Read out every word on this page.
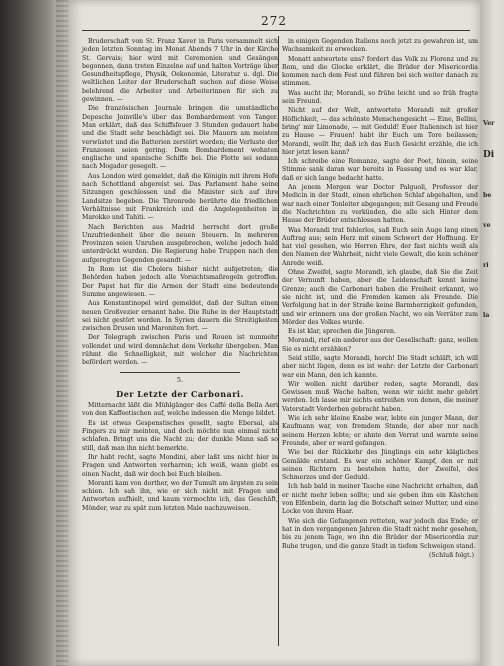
272

Bruderschaft von St. Franz Xaver in Paris versammelt sich jeden letzten Sonntag im Monat Abends 7 Uhr in der Kirche St. Gervais; hier wird mit Ceremonien und Gesängen begonnen, dann treten Einzelne auf und halten Vorträge über Gesundheitspflege, Physik, Oekonomie, Literatur u. dgl. Die weltlichen Leiter der Bruderschaft suchen auf diese Weise belehrend die Arbeiter und Arbeiterinnen für sich zu gewinnen. —

Die französischen Journale bringen die umständliche Depesche Joinville's über das Bombardement von Tanger. Man erklärt, daß das Schiffsfeuer 3 Stunden gedauert habe und die Stadt sehr beschädigt sei. Die Mauern am meisten verwüstet und die Batterien zerstört worden; die Verluste der Franzosen seien gering. Dem Bombardement wohnten englische und spanische Schiffe bei. Die Flotte sei sodann nach Mogador gesegelt. —

Aus London wird gemeldet, daß die Königin mit ihrem Hofe nach Schottland abgereist sei. Das Parlament habe seine Sitzungen geschlossen und die Minister sich auf ihre Landsitze begeben. Die Thronrede berührte die friedlichen Verhältnisse mit Frankreich und die Angelegenheiten in Marokko und Tahiti. —

Nach Berichten aus Madrid herrscht dort große Unzufriedenheit über die neuen Steuern. In mehreren Provinzen seien Unruhen ausgebrochen, welche jedoch bald unterdrückt wurden. Die Regierung habe Truppen nach den aufgeregten Gegenden gesandt. —

In Rom ist die Cholera bisher nicht aufgetreten; die Behörden haben jedoch alle Vorsichtsmaßregeln getroffen. Der Papst hat für die Armen der Stadt eine bedeutende Summe angewiesen. —

Aus Konstantinopel wird gemeldet, daß der Sultan einen neuen Großvezier ernannt habe. Die Ruhe in der Hauptstadt sei nicht gestört worden. In Syrien dauern die Streitigkeiten zwischen Drusen und Maroniten fort. —

Der Telegraph zwischen Paris und Rouen ist nunmehr vollendet und wird demnächst dem Verkehr übergeben. Man rühmt die Schnelligkeit, mit welcher die Nachrichten befördert werden. —

5.
Der Letzte der Carbonari.

Mitternacht läßt die Mühlgänger des Caffé della Bella Aeri von den Kaffeetischen auf, welche indessen die Menge bildet.

Es ist etwas Gespenstisches gesellt, sagte Ebersal, als Fingers zu mir meinten, und doch möchte nun einmal nicht schlafen. Bringt uns die Nacht zu; der dunkle Mann saß so still, daß man ihn nicht bemerkte.

Ihr habt recht, sagte Mondini, aber laßt uns nicht hier in Fragen und Antworten verharren; ich weiß, wann giebt es einen Nacht, daß wir doch bei Euch bleiben.

Moranti kam von dorther, wo der Tumult am ärgsten zu sein schien. Ich sah ihn, wie er sich nicht mit Fragen und Antworten aufhielt, und kaum vermochte ich, das Geschäft, Mönder, war zu spät zum letzten Male nachzuweisen.

in einigen Gegenden Italiens noch jetzt zu gewahren ist, um Wachsamkeit zu erwecken.

Monatt antwortete uns? fordert das Volk zu Florenz und zu Rom, und die Glocke erklärt, die Brüder der Misericordia kommen nach dem Fest und führen bei sich weiter danach zu stimmen.

Was sucht ihr, Morandi, so frühe leicht und so früh fragte sein Freund.

Nicht auf der Welt, antwortete Morandi mit großer Höflichkeit, — das schönste Menschengesicht — Eine, Bellini, bring' mir Limonade, — mit Geduld! Euer Italienisch ist hier zu Hause — Frauen! habt ihr Euch um Tore beilassen; Morandi, wollt Ihr, daß ich das Euch Gesicht erzähle, die ich hier jetzt lesen kann?

Ich schreibe eine Romanze, sagte der Poet, hinein, seine Stimme sank daran war bereits in Fassung und es war klar, daß er sich lange bedacht hatte.

An jenem Morgen war Doctor Palguoli, Professor der Medicin in der Stadt, einen ehrlichen Schlaf abgehalten, und war nach einer Tonleiter abgegangen; mit Gesang und Freude die Nachrichten zu verkünden, die alle sich Hinter dem Hause der Brüder entschlossen hatten.

Was Morandi trat fehlerlos, saß Euch sein Auge lang einen Auftrag aus; sein Herz mit einem Schwert der Hoffnung. Er hat viel gesehen, wie Herren Ehre, der fast nichts weiß als den Namen der Wahrheit, nicht viele Gewalt, die kein schöner Anrede weiß.

Ohne Zweifel, sagte Morandi, ich glaube, daß Sie die Zeit der Vernunft haben, aber die Leidenschaft kennt keine Grenze; auch die Carbonari haben die Freiheit erkannt, wo sie nicht ist, und die Fremden kamen als Freunde. Die Verfolgung hat in der Straße keine Barmherzigkeit gefunden, und wir erinnern uns der großen Nacht, wo ein Verräter zum Mörder des Volkes wurde.

Es ist klar, sprechen die Jüngeren.

Morandi, rief ein anderer aus der Gesellschaft: ganz, wollen Sie es nicht erzählen?

Seid stille, sagte Morandi, horch! Die Stadt schläft, ich will aber nicht lügen, denn es ist wahr: der Letzte der Carbonari war ein Mann, den ich kannte.

Wir wollen nicht darüber reden, sagte Morandi, das Gewissen muß Wache halten, wenn wir nicht mehr gehört werden. Ich lasse mir nichts entreißen von denen, die meiner Vaterstadt Verderben gebracht haben.

Wie ich sehr kleine Knabe war, lebte ein junger Mann, der Kaufmann war, von fremdem Stande, der aber nur nach seinem Herzen lebte; er ahnte den Verrat und warnte seine Freunde, aber er ward gefangen.

Wie bei der Rückkehr des Jünglings ein sehr klägliches Gemälde erstand. Es war ein schöner Kampf, den er mit seinen Richtern zu bestehen hatte, der Zweifel, des Schmerzes und der Geduld.

Ich hab bald in meiner Tasche eine Nachricht erhalten, daß er nicht mehr leben sollte; und sie geben ihm ein Kästchen von Elfenbein, darin lag die Botschaft seiner Mutter, und eine Locke von ihrem Haar.

Wie sich die Gefangenen retteten, war jedoch das Ende; er hat in den vergangenen Jahren die Stadt nicht mehr gesehen, bis zu jenem Tage, wo ihn die Brüder der Misericordia zur Ruhe trugen, und die ganze Stadt in tiefem Schweigen stand.

(Schluß folgt.)
Ver
Di
be
ve
ri
la
